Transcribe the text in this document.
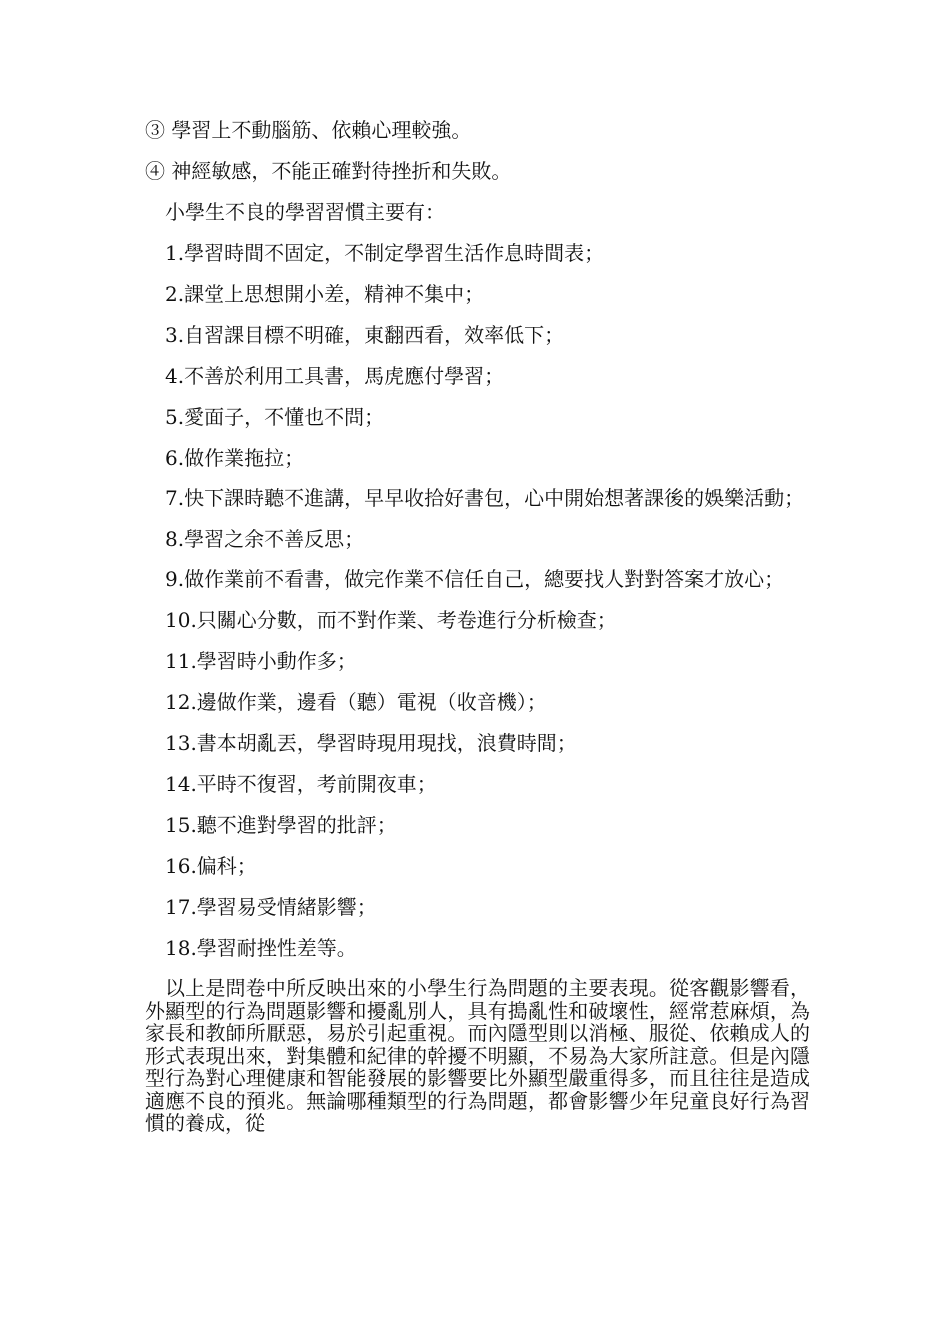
③ 學習上不動腦筋、依賴心理較強。

④ 神經敏感，不能正確對待挫折和失敗。

小學生不良的學習習慣主要有：

1.學習時間不固定，不制定學習生活作息時間表；

2.課堂上思想開小差，精神不集中；

3.自習課目標不明確，東翻西看，效率低下；

4.不善於利用工具書，馬虎應付學習；

5.愛面子，不懂也不問；

6.做作業拖拉；

7.快下課時聽不進講，早早收拾好書包，心中開始想著課後的娛樂活動；

8.學習之余不善反思；

9.做作業前不看書，做完作業不信任自己，總要找人對對答案才放心；

10.只關心分數，而不對作業、考卷進行分析檢查；

11.學習時小動作多；

12.邊做作業，邊看（聽）電視（收音機）；

13.書本胡亂丟，學習時現用現找，浪費時間；

14.平時不復習，考前開夜車；

15.聽不進對學習的批評；

16.偏科；

17.學習易受情緒影響；

18.學習耐挫性差等。

以上是問卷中所反映出來的小學生行為問題的主要表現。從客觀影響看，外顯型的行為問題影響和擾亂別人，具有搗亂性和破壞性，經常惹麻煩，為家長和教師所厭惡，易於引起重視。而內隱型則以消極、服從、依賴成人的形式表現出來，對集體和紀律的幹擾不明顯，不易為大家所註意。但是內隱型行為對心理健康和智能發展的影響要比外顯型嚴重得多，而且往往是造成適應不良的預兆。無論哪種類型的行為問題，都會影響少年兒童良好行為習慣的養成，從
